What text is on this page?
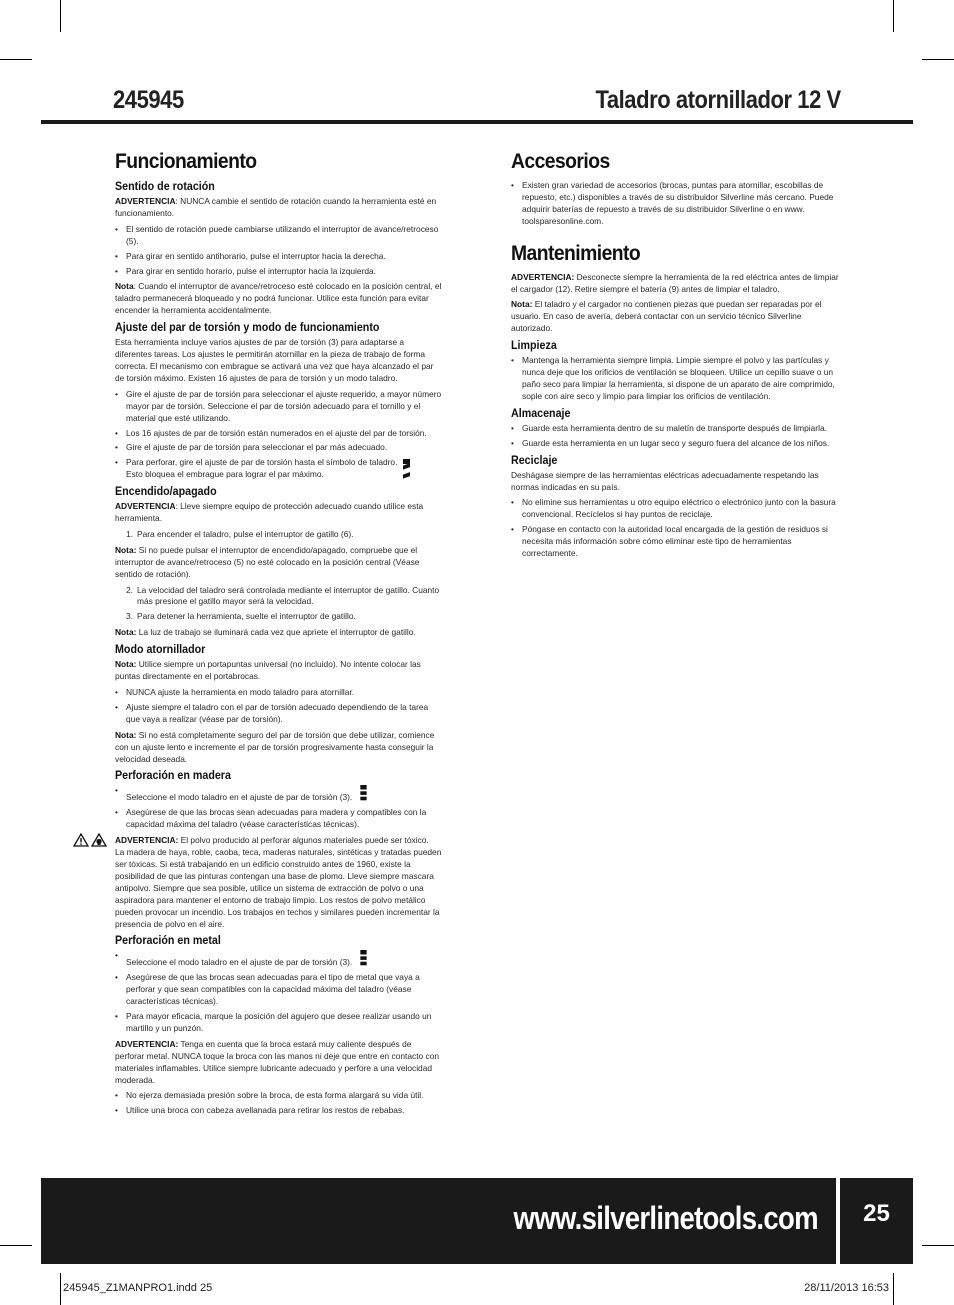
245945	Taladro atornillador 12 V
Funcionamiento
Sentido de rotación

ADVERTENCIA: NUNCA cambie el sentido de rotación cuando la herramienta esté en funcionamiento.

• El sentido de rotación puede cambiarse utilizando el interruptor de avance/retroceso (5).
• Para girar en sentido antihorario, pulse el interruptor hacia la derecha.
• Para girar en sentido horario, pulse el interruptor hacia la izquierda.

Nota: Cuando el interruptor de avance/retroceso esté colocado en la posición central, el taladro permanecerá bloqueado y no podrá funcionar. Utilice esta función para evitar encender la herramienta accidentalmente.

Ajuste del par de torsión y modo de funcionamiento

Esta herramienta incluye varios ajustes de par de torsión (3) para adaptarse a diferentes tareas. Los ajustes le permitirán atornillar en la pieza de trabajo de forma correcta. El mecanismo con embrague se activará una vez que haya alcanzado el par de torsión máximo. Existen 16 ajustes de para de torsión y un modo taladro.

• Gire el ajuste de par de torsión para seleccionar el ajuste requerido, a mayor número mayor par de torsión. Seleccione el par de torsión adecuado para el tornillo y el material que esté utilizando.
• Los 16 ajustes de par de torsión están numerados en el ajuste del par de torsión.
• Gire el ajuste de par de torsión para seleccionar el par más adecuado.
• Para perforar, gire el ajuste de par de torsión hasta el símbolo de taladro. Esto bloquea el embrague para lograr el par máximo.
Encendido/apagado

ADVERTENCIA: Lleve siempre equipo de protección adecuado cuando utilice esta herramienta.

1. Para encender el taladro, pulse el interruptor de gatillo (6).

Nota: Si no puede pulsar el interruptor de encendido/apagado, compruebe que el interruptor de avance/retroceso (5) no esté colocado en la posición central (Véase sentido de rotación).

2. La velocidad del taladro será controlada mediante el interruptor de gatillo. Cuanto más presione el gatillo mayor será la velocidad.
3. Para detener la herramienta, suelte el interruptor de gatillo.

Nota: La luz de trabajo se iluminará cada vez que apriete el interruptor de gatillo.

Modo atornillador

Nota: Utilice siempre un portapuntas universal (no incluido). No intente colocar las puntas directamente en el portabrocas.

• NUNCA ajuste la herramienta en modo taladro para atornillar.
• Ajuste siempre el taladro con el par de torsión adecuado dependiendo de la tarea que vaya a realizar (véase par de torsión).

Nota: Si no está completamente seguro del par de torsión que debe utilizar, comience con un ajuste lento e incremente el par de torsión progresivamente hasta conseguir la velocidad deseada.

Perforación en madera
• Seleccione el modo taladro en el ajuste de par de torsión (3).
• Asegúrese de que las brocas sean adecuadas para madera y compatibles con la capacidad máxima del taladro (véase características técnicas).

ADVERTENCIA: El polvo producido al perforar algunos materiales puede ser tóxico.
La madera de haya, roble, caoba, teca, maderas naturales, sintéticas y tratadas pueden ser tóxicas. Si está trabajando en un edificio construido antes de 1960, existe la posibilidad de que las pinturas contengan una base de plomo. Lleve siempre mascara antipolvo. Siempre que sea posible, utilice un sistema de extracción de polvo o una aspiradora para mantener el entorno de trabajo limpio. Los restos de polvo metálico pueden provocar un incendio. Los trabajos en techos y similares pueden incrementar la presencia de polvo en el aire.

Perforación en metal
• Seleccione el modo taladro en el ajuste de par de torsión (3).
• Asegúrese de que las brocas sean adecuadas para el tipo de metal que vaya a perforar y que sean compatibles con la capacidad máxima del taladro (véase características técnicas).
• Para mayor eficacia, marque la posición del agujero que desee realizar usando un martillo y un punzón.

ADVERTENCIA: Tenga en cuenta que la broca estará muy caliente después de perforar metal. NUNCA toque la broca con las manos ni deje que entre en contacto con materiales inflamables. Utilice siempre lubricante adecuado y perfore a una velocidad moderada.

• No ejerza demasiada presión sobre la broca, de esta forma alargará su vida útil.
• Utilice una broca con cabeza avellanada para retirar los restos de rebabas.
Accesorios
• Existen gran variedad de accesorios (brocas, puntas para atornillar, escobillas de repuesto, etc.) disponibles a través de su distribuidor Silverline más cercano. Puede adquirir baterías de repuesto a través de su distribuidor Silverline o en www. toolsparesonline.com.
Mantenimiento

ADVERTENCIA: Desconecte siempre la herramienta de la red eléctrica antes de limpiar el cargador (12). Retire siempre el batería (9) antes de limpiar el taladro.

Nota: El taladro y el cargador no contienen piezas que puedan ser reparadas por el usuario. En caso de avería, deberá contactar con un servicio técnico Silverline autorizado.

Limpieza
• Mantenga la herramienta siempre limpia. Limpie siempre el polvo y las partículas y nunca deje que los orificios de ventilación se bloqueen. Utilice un cepillo suave o un paño seco para limpiar la herramienta, si dispone de un aparato de aire comprimido, sople con aire seco y limpio para limpiar los orificios de ventilación.
Almacenaje
• Guarde esta herramienta dentro de su maletín de transporte después de limpiarla.
• Guarde esta herramienta en un lugar seco y seguro fuera del alcance de los niños.
Reciclaje

Deshágase siempre de las herramientas eléctricas adecuadamente respetando las normas indicadas en su país.

• No elimine sus herramientas u otro equipo eléctrico o electrónico junto con la basura convencional. Recíclelos si hay puntos de reciclaje.
• Póngase en contacto con la autoridad local encargada de la gestión de residuos si necesita más información sobre cómo eliminar este tipo de herramientas correctamente.
www.silverlinetools.com	25
245945_Z1MANPRO1.indd 25	28/11/2013 16:53
